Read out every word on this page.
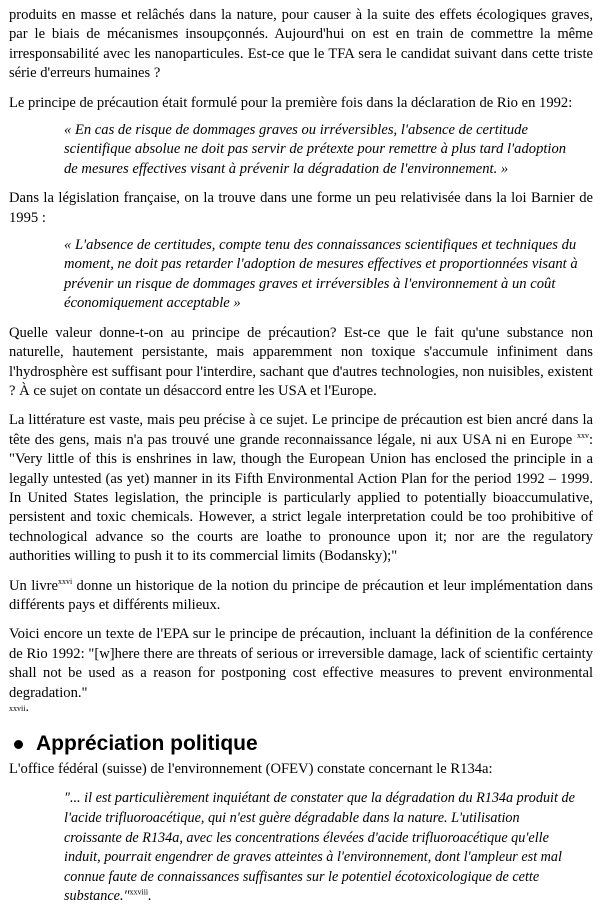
produits en masse et relâchés dans la nature, pour causer à la suite des effets écologiques graves, par le biais de mécanismes insoupçonnés. Aujourd'hui on est en train de commettre la même irresponsabilité avec les nanoparticules. Est-ce que le TFA sera le candidat suivant dans cette triste série d'erreurs humaines ?

Le principe de précaution était formulé pour la première fois dans la déclaration de Rio en 1992:

« En cas de risque de dommages graves ou irréversibles, l'absence de certitude scientifique absolue ne doit pas servir de prétexte pour remettre à plus tard l'adoption de mesures effectives visant à prévenir la dégradation de l'environnement. »

Dans la législation française, on la trouve dans une forme un peu relativisée dans la loi Barnier de 1995 :

« L'absence de certitudes, compte tenu des connaissances scientifiques et techniques du moment, ne doit pas retarder l'adoption de mesures effectives et proportionnées visant à prévenir un risque de dommages graves et irréversibles à l'environnement à un coût économiquement acceptable »

Quelle valeur donne-t-on au principe de précaution? Est-ce que le fait qu'une substance non naturelle, hautement persistante, mais apparemment non toxique s'accumule infiniment dans l'hydrosphère est suffisant pour l'interdire, sachant que d'autres technologies, non nuisibles, existent ? À ce sujet on contate un désaccord entre les USA et l'Europe.

La littérature est vaste, mais peu précise à ce sujet. Le principe de précaution est bien ancré dans la tête des gens, mais n'a pas trouvé une grande reconnaissance légale, ni aux USA ni en Europe $^{xxv}$: "Very little of this is enshrines in law, though the European Union has enclosed the principle in a legally untested (as yet) manner in its Fifth Environmental Action Plan for the period 1992 – 1999. In United States legislation, the principle is particularly applied to potentially bioaccumulative, persistent and toxic chemicals. However, a strict legale interpretation could be too prohibitive of technological advance so the courts are loathe to pronounce upon it; nor are the regulatory authorities willing to push it to its commercial limits (Bodansky);"

Un livre$^{xxvi}$ donne un historique de la notion du principe de précaution et leur implémentation dans différents pays et différents milieux.

Voici encore un texte de l'EPA sur le principe de précaution, incluant la définition de la conférence de Rio 1992: "[w]here there are threats of serious or irreversible damage, lack of scientific certainty shall not be used as a reason for postponing cost effective measures to prevent environmental degradation."

xxvii.

Appréciation politique

L'office fédéral (suisse) de l'environnement (OFEV) constate concernant le R134a:

"... il est particulièrement inquiétant de constater que la dégradation du R134a produit de l'acide trifluoroacétique, qui n'est guère dégradable dans la nature. L'utilisation croissante de R134a, avec les concentrations élevées d'acide trifluoroacétique qu'elle induit, pourrait engendrer de graves atteintes à l'environnement, dont l'ampleur est mal connue faute de connaissances suffisantes sur le potentiel écotoxicologique de cette substance."$^{xxviii}$.
